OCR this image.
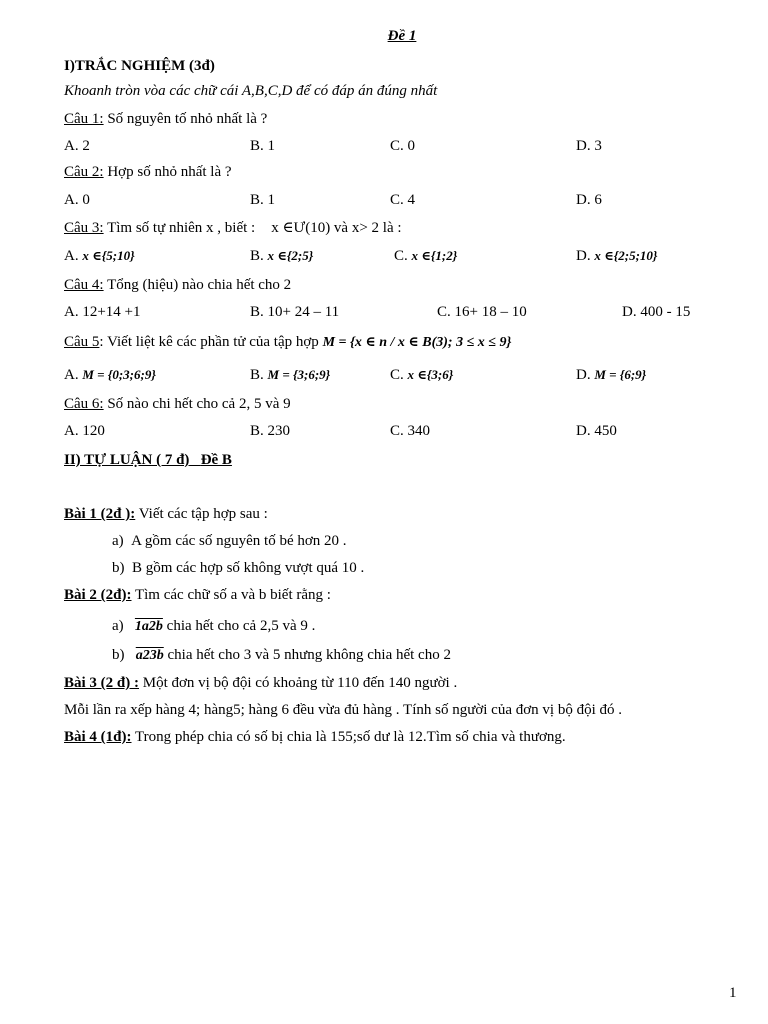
Đề 1
I)TRẮC NGHIỆM (3đ)
Khoanh tròn vòa các chữ cái A,B,C,D để có đáp án đúng nhất
Câu 1: Số nguyên tố nhỏ nhất là ?
A. 2	B. 1	C. 0	D. 3
Câu 2: Hợp số nhỏ nhất là ?
A. 0	B. 1	C. 4	D. 6
Câu 3: Tìm số tự nhiên x , biết : x ∈Ư(10) và x> 2 là :
A. x ∈{5;10}	B. x ∈{2;5}	C. x ∈{1;2}	D. x ∈{2;5;10}
Câu 4: Tổng (hiệu) nào chia hết cho 2
A. 12+14 +1	B. 10+ 24 – 11	C. 16+ 18 – 10	D. 400 - 15
Câu 5: Viết liệt kê các phần tử của tập hợp M = {x ∈ n / x ∈ B(3); 3 ≤ x ≤ 9}
A. M = {0;3;6;9}	B. M = {3;6;9}	C. x ∈{3;6}	D. M = {6;9}
Câu 6: Số nào chi hết cho cả 2, 5 và 9
A. 120	B. 230	C. 340	D. 450
II) TỰ LUẬN ( 7 đ) Đề B
Bài 1 (2đ ): Viết các tập hợp sau :
a) A gồm các số nguyên tố bé hơn 20 .
b) B gồm các hợp số không vượt quá 10 .
Bài 2 (2đ): Tìm các chữ số a và b biết rằng :
a) 1a2b chia hết cho cả 2,5 và 9 .
b) a23b chia hết cho 3 và 5 nhưng không chia hết cho 2
Bài 3 (2 đ) : Một đơn vị bộ đội có khoảng từ 110 đến 140 người .
Mỗi lần ra xếp hàng 4; hàng5; hàng 6 đều vừa đủ hàng . Tính số người của đơn vị bộ đội đó .
Bài 4 (1đ): Trong phép chia có số bị chia là 155;số dư là 12.Tìm số chia và thương.
1
